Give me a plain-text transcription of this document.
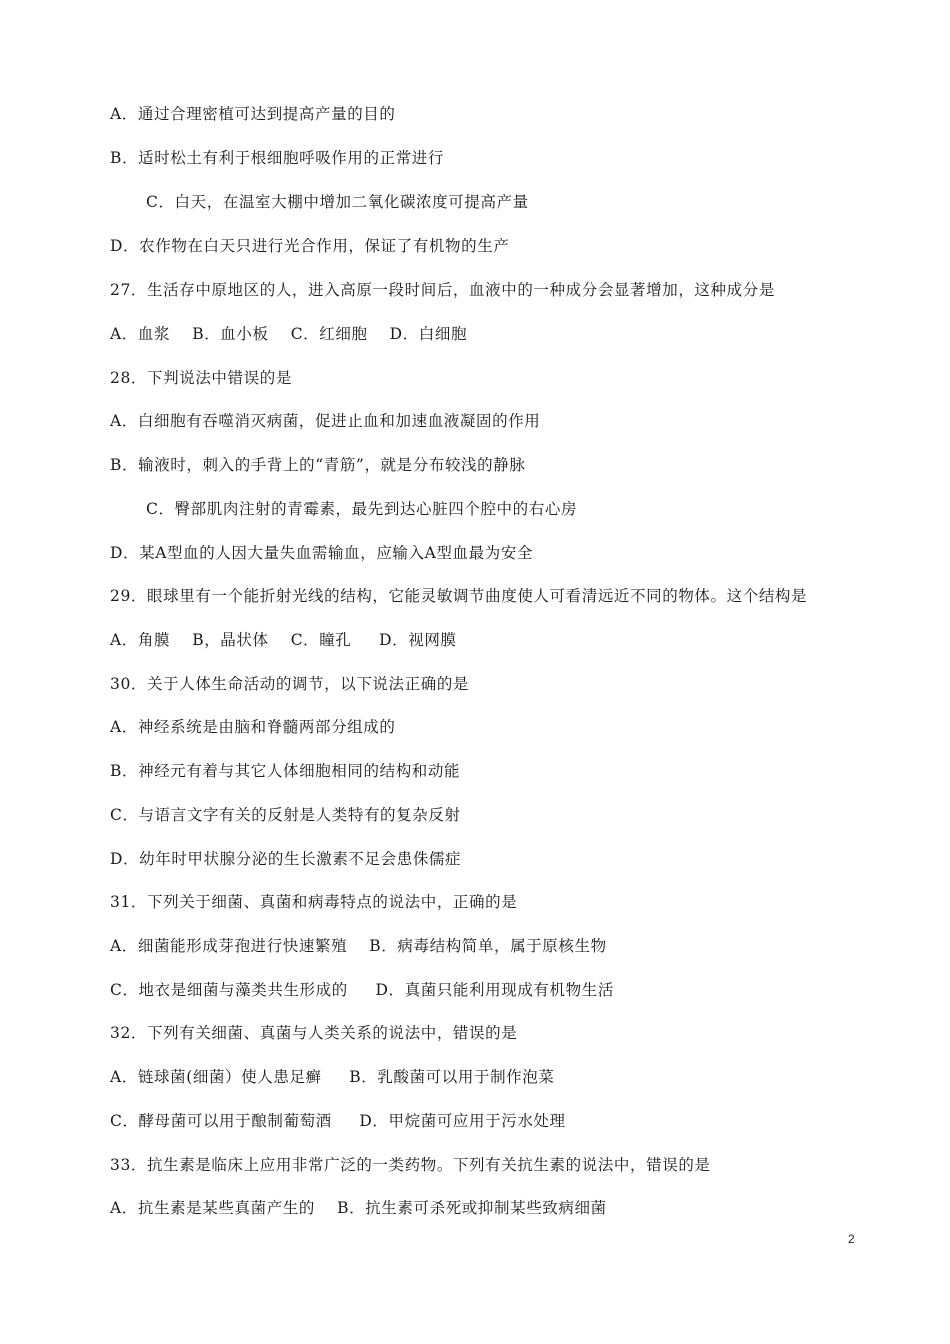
A．通过合理密植可达到提高产量的目的
B．适时松土有利于根细胞呼吸作用的正常进行
C．白天，在温室大棚中增加二氧化碳浓度可提高产量
D．农作物在白天只进行光合作用，保证了有机物的生产
27．生活存中原地区的人，进入高原一段时间后，血液中的一种成分会显著增加，这种成分是
A．血浆    B．血小板    C．红细胞    D．白细胞
28．下判说法中错误的是
A．白细胞有吞噬消灭病菌，促进止血和加速血液凝固的作用
B．输液时，刺入的手背上的“青筋”，就是分布较浅的静脉
C．臀部肌肉注射的青霉素，最先到达心脏四个腔中的右心房
D．某A型血的人因大量失血需输血，应输入A型血最为安全
29．眼球里有一个能折射光线的结构，它能灵敏调节曲度使人可看清远近不同的物体。这个结构是
A．角膜    B，晶状体    C．瞳孔     D．视网膜
30．关于人体生命活动的调节，以下说法正确的是
A．神经系统是由脑和脊髓两部分组成的
B．神经元有着与其它人体细胞相同的结构和动能
C．与语言文字有关的反射是人类特有的复杂反射
D．幼年时甲状腺分泌的生长激素不足会患侏儒症
31．下列关于细菌、真菌和病毒特点的说法中，正确的是
A．细菌能形成芽孢进行快速繁殖    B．病毒结构简单，属于原核生物
C．地衣是细菌与藻类共生形成的     D．真菌只能利用现成有机物生活
32．下列有关细菌、真菌与人类关系的说法中，错误的是
A．链球菌(细菌）使人患足癣     B．乳酸菌可以用于制作泡菜
C．酵母菌可以用于酿制葡萄酒     D．甲烷菌可应用于污水处理
33．抗生素是临床上应用非常广泛的一类药物。下列有关抗生素的说法中，错误的是
A．抗生素是某些真菌产生的    B．抗生素可杀死或抑制某些致病细菌
2
